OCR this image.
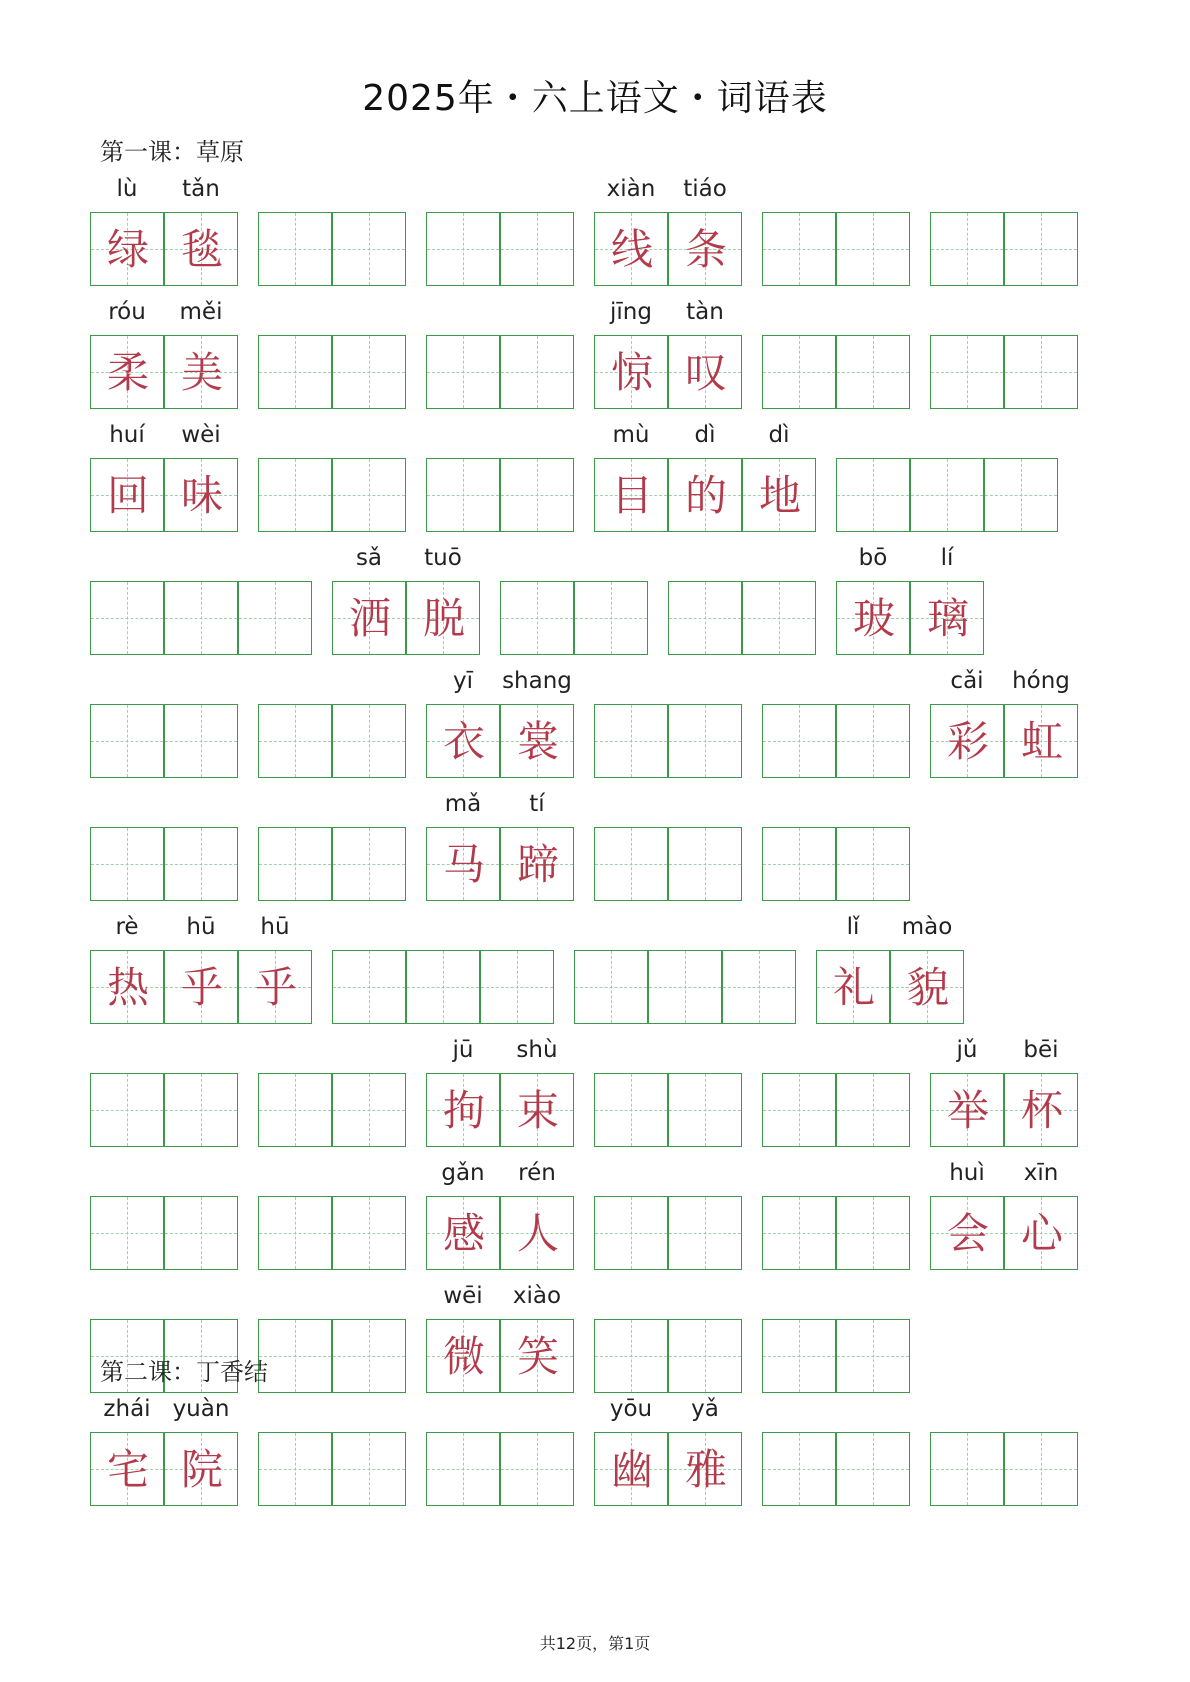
2025年・六上语文・词语表
第一课：草原
lù
绿
tǎn
毯
xiàn
线
tiáo
条
róu
柔
měi
美
jīng
惊
tàn
叹
huí
回
wèi
味
mù
目
dì
的
dì
地
sǎ
洒
tuō
脱
bō
玻
lí
璃
yī
衣
shang
裳
cǎi
彩
hóng
虹
mǎ
马
tí
蹄
rè
热
hū
乎
hū
乎
lǐ
礼
mào
貌
jū
拘
shù
束
jǔ
举
bēi
杯
gǎn
感
rén
人
huì
会
xīn
心
wēi
微
xiào
笑
第二课：丁香结
zhái
宅
yuàn
院
yōu
幽
yǎ
雅
共12页，第1页
